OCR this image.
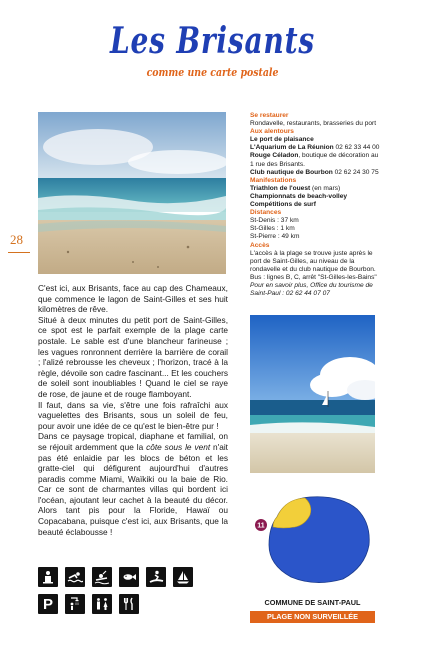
Les Brisants
comme une carte postale
28

C'est ici, aux Brisants, face au cap des Chameaux, que commence le lagon de Saint-Gilles et ses huit kilomètres de rêve.

Situé à deux minutes du petit port de Saint-Gilles, ce spot est le parfait exemple de la plage carte postale. Le sable est d'une blancheur farineuse ; les vagues ronronnent derrière la barrière de corail ; l'alizé rebrousse les cheveux ; l'horizon, tracé à la règle, dévoile son cadre fascinant... Et les couchers de soleil sont inoubliables ! Quand le ciel se raye de rose, de jaune et de rouge flamboyant.

Il faut, dans sa vie, s'être une fois rafraîchi aux vaguelettes des Brisants, sous un soleil de feu, pour avoir une idée de ce qu'est le bien-être pur !

Dans ce paysage tropical, diaphane et familial, on se réjouit ardemment que la côte sous le vent n'ait pas été enlaidie par les blocs de béton et les gratte-ciel qui défigurent aujourd'hui d'autres paradis comme Miami, Waïkiki ou la baie de Rio. Car ce sont de charmantes villas qui bordent ici l'océan, ajoutant leur cachet à la beauté du décor. Alors tant pis pour la Floride, Hawaï ou Copacabana, puisque c'est ici, aux Brisants, que la beauté éclabousse !

Se restaurer
Rondavelle, restaurants, brasseries du port
Aux alentours
Le port de plaisance
L'Aquarium de La Réunion 02 62 33 44 00
Rouge Céladon, boutique de décoration au 1 rue des Brisants.
Club nautique de Bourbon 02 62 24 30 75
Manifestations
Triathlon de l'ouest (en mars)
Championnats de beach-volley
Compétitions de surf
Distances
St-Denis : 37 km
St-Gilles : 1 km
St-Pierre : 49 km
Accès
L'accès à la plage se trouve juste après le port de Saint-Gilles, au niveau de la rondavelle et du club nautique de Bourbon.
Bus : lignes B, C, arrêt "St-Gilles-les-Bains"
Pour en savoir plus, Office du tourisme de Saint-Paul : 02 62 44 07 07
P
11
COMMUNE DE SAINT-PAUL
PLAGE NON SURVEILLÉE
